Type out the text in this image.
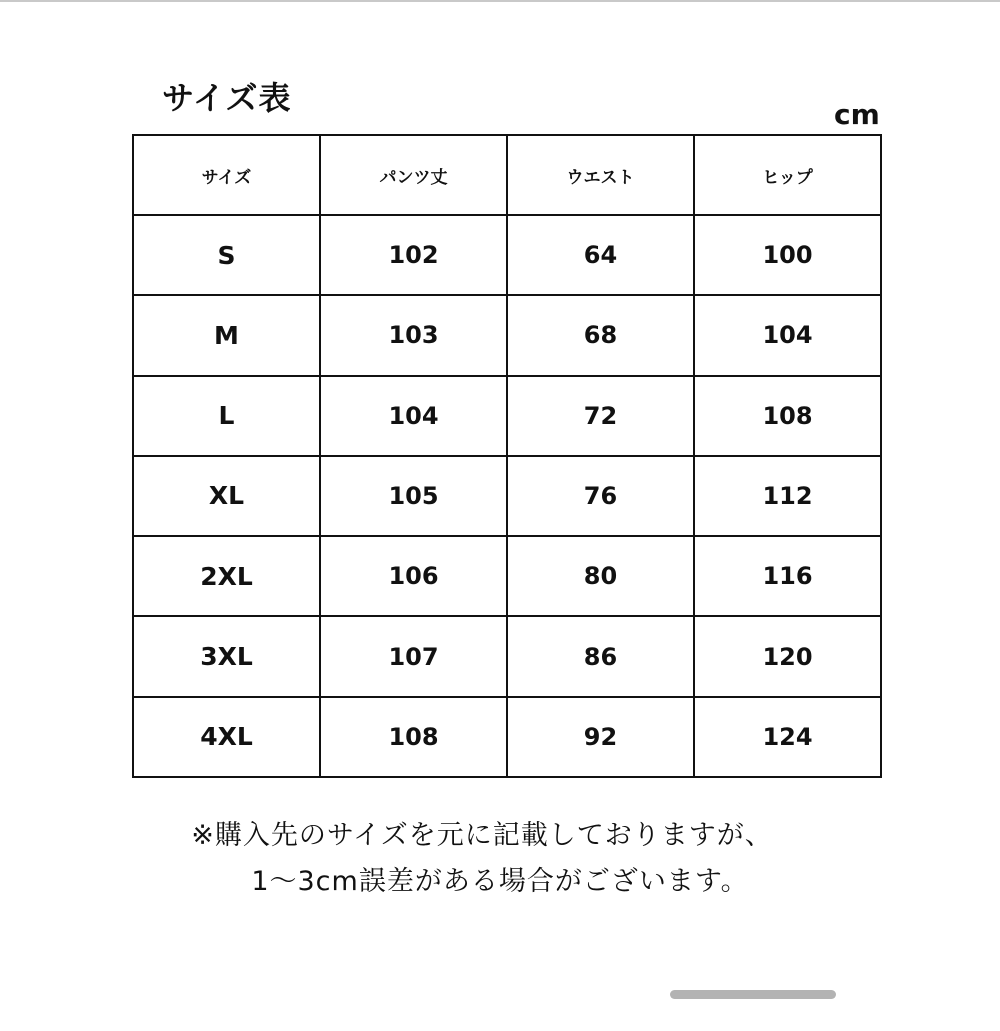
サイズ表	cm
サイズ	パンツ丈	ウエスト	ヒップ
S	102	64	100
M	103	68	104
L	104	72	108
XL	105	76	112
2XL	106	80	116
3XL	107	86	120
4XL	108	92	124
※購入先のサイズを元に記載しておりますが、
1～3cm誤差がある場合がございます。
